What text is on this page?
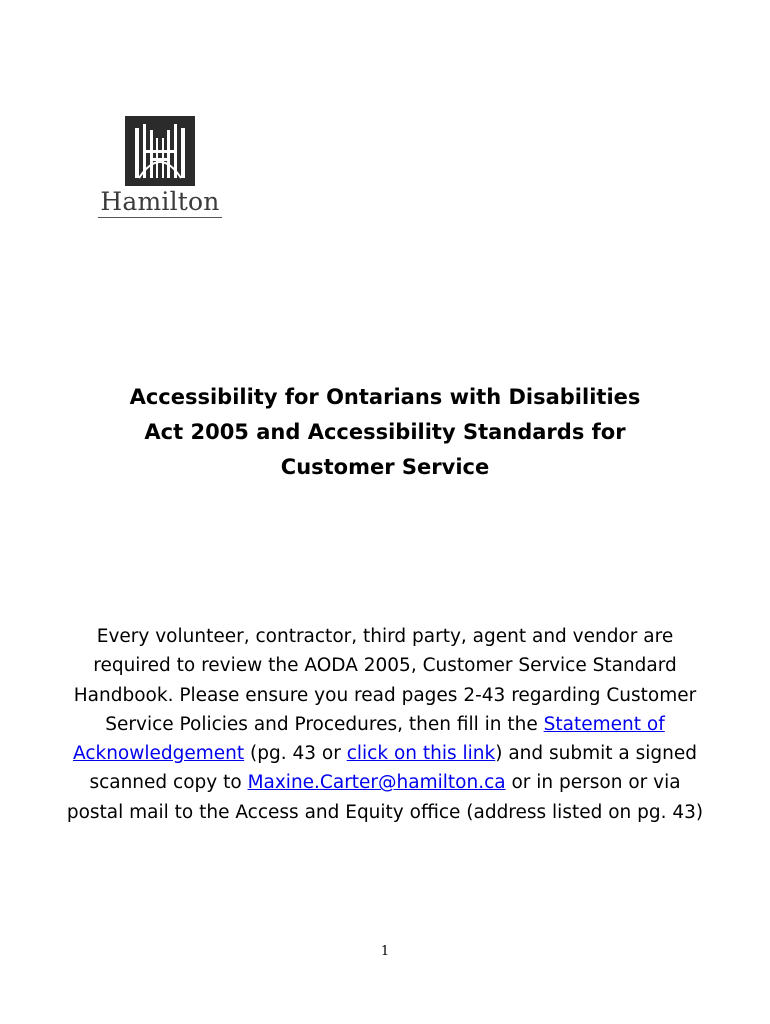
Hamilton
Accessibility for Ontarians with Disabilities
Act 2005 and Accessibility Standards for
Customer Service

Every volunteer, contractor, third party, agent and vendor are required to review the AODA 2005, Customer Service Standard Handbook. Please ensure you read pages 2-43 regarding Customer Service Policies and Procedures, then fill in the Statement of Acknowledgement (pg. 43 or click on this link) and submit a signed scanned copy to Maxine.Carter@hamilton.ca or in person or via postal mail to the Access and Equity office (address listed on pg. 43)

1
